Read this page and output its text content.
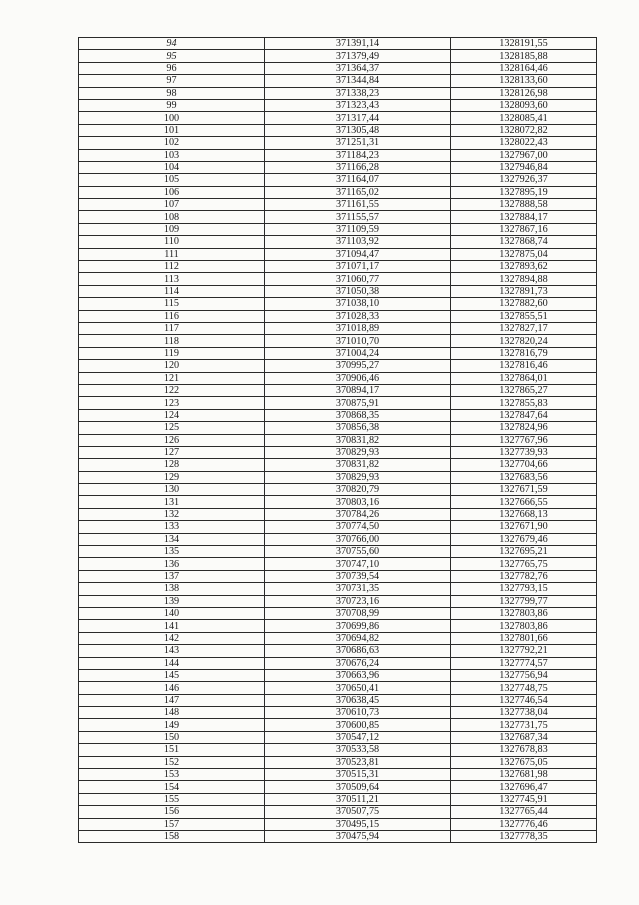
94	371391,14	1328191,55
95	371379,49	1328185,88
96	371364,37	1328164,46
97	371344,84	1328133,60
98	371338,23	1328126,98
99	371323,43	1328093,60
100	371317,44	1328085,41
101	371305,48	1328072,82
102	371251,31	1328022,43
103	371184,23	1327967,00
104	371166,28	1327946,84
105	371164,07	1327926,37
106	371165,02	1327895,19
107	371161,55	1327888,58
108	371155,57	1327884,17
109	371109,59	1327867,16
110	371103,92	1327868,74
111	371094,47	1327875,04
112	371071,17	1327893,62
113	371060,77	1327894,88
114	371050,38	1327891,73
115	371038,10	1327882,60
116	371028,33	1327855,51
117	371018,89	1327827,17
118	371010,70	1327820,24
119	371004,24	1327816,79
120	370995,27	1327816,46
121	370906,46	1327864,01
122	370894,17	1327865,27
123	370875,91	1327855,83
124	370868,35	1327847,64
125	370856,38	1327824,96
126	370831,82	1327767,96
127	370829,93	1327739,93
128	370831,82	1327704,66
129	370829,93	1327683,56
130	370820,79	1327671,59
131	370803,16	1327666,55
132	370784,26	1327668,13
133	370774,50	1327671,90
134	370766,00	1327679,46
135	370755,60	1327695,21
136	370747,10	1327765,75
137	370739,54	1327782,76
138	370731,35	1327793,15
139	370723,16	1327799,77
140	370708,99	1327803,86
141	370699,86	1327803,86
142	370694,82	1327801,66
143	370686,63	1327792,21
144	370676,24	1327774,57
145	370663,96	1327756,94
146	370650,41	1327748,75
147	370638,45	1327746,54
148	370610,73	1327738,04
149	370600,85	1327731,75
150	370547,12	1327687,34
151	370533,58	1327678,83
152	370523,81	1327675,05
153	370515,31	1327681,98
154	370509,64	1327696,47
155	370511,21	1327745,91
156	370507,75	1327765,44
157	370495,15	1327776,46
158	370475,94	1327778,35
